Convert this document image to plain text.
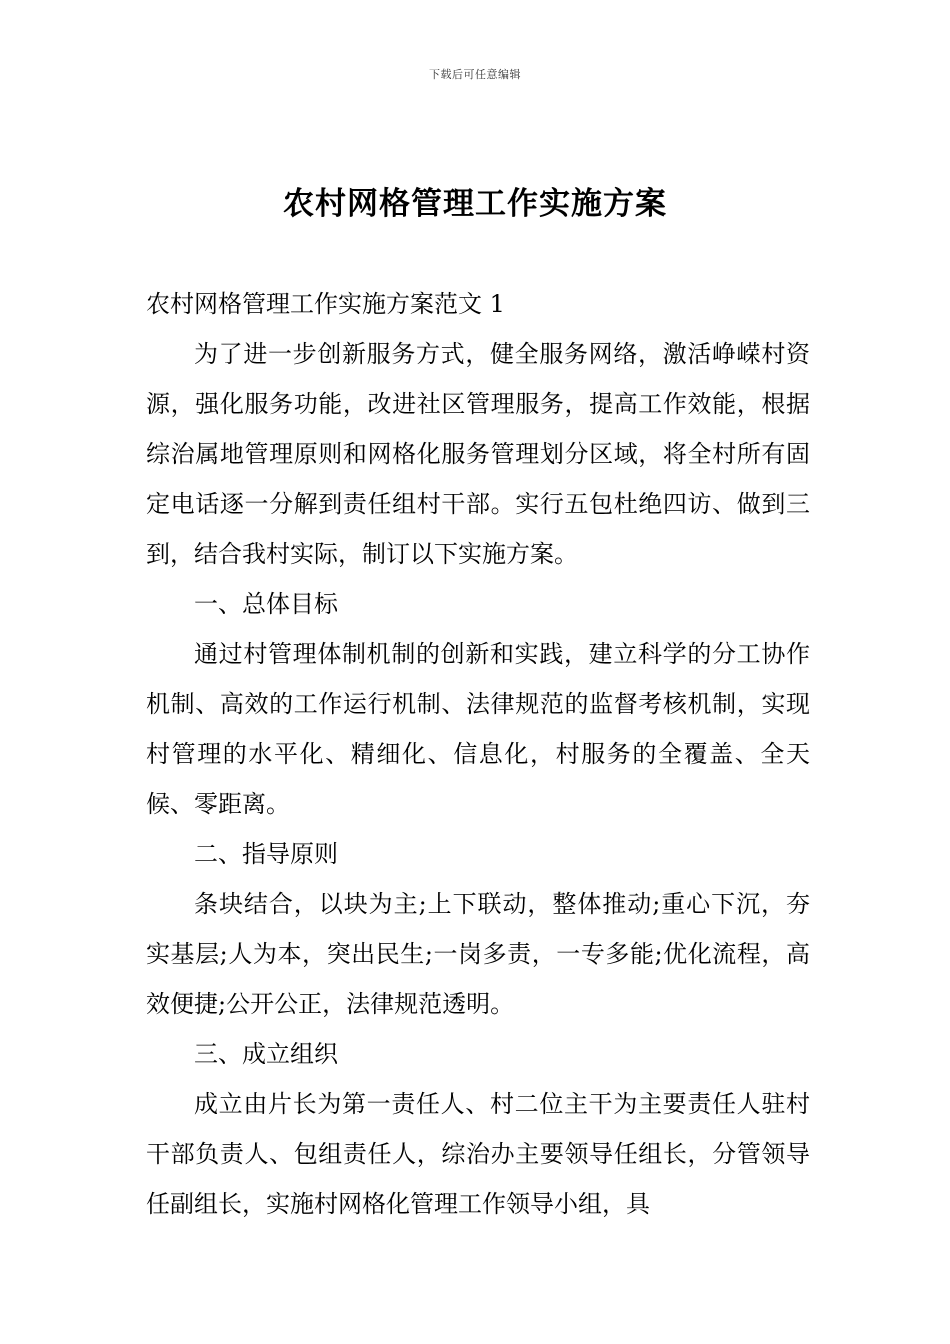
下载后可任意编辑
农村网格管理工作实施方案

农村网格管理工作实施方案范文 1

为了进一步创新服务方式，健全服务网络，激活峥嵘村资源，强化服务功能，改进社区管理服务，提高工作效能，根据综治属地管理原则和网格化服务管理划分区域，将全村所有固定电话逐一分解到责任组村干部。实行五包杜绝四访、做到三到，结合我村实际，制订以下实施方案。

一、总体目标

通过村管理体制机制的创新和实践，建立科学的分工协作机制、高效的工作运行机制、法律规范的监督考核机制，实现村管理的水平化、精细化、信息化，村服务的全覆盖、全天候、零距离。

二、指导原则

条块结合，以块为主;上下联动，整体推动;重心下沉，夯实基层;人为本，突出民生;一岗多责，一专多能;优化流程，高效便捷;公开公正，法律规范透明。

三、成立组织

成立由片长为第一责任人、村二位主干为主要责任人驻村干部负责人、包组责任人，综治办主要领导任组长，分管领导任副组长，实施村网格化管理工作领导小组，具
